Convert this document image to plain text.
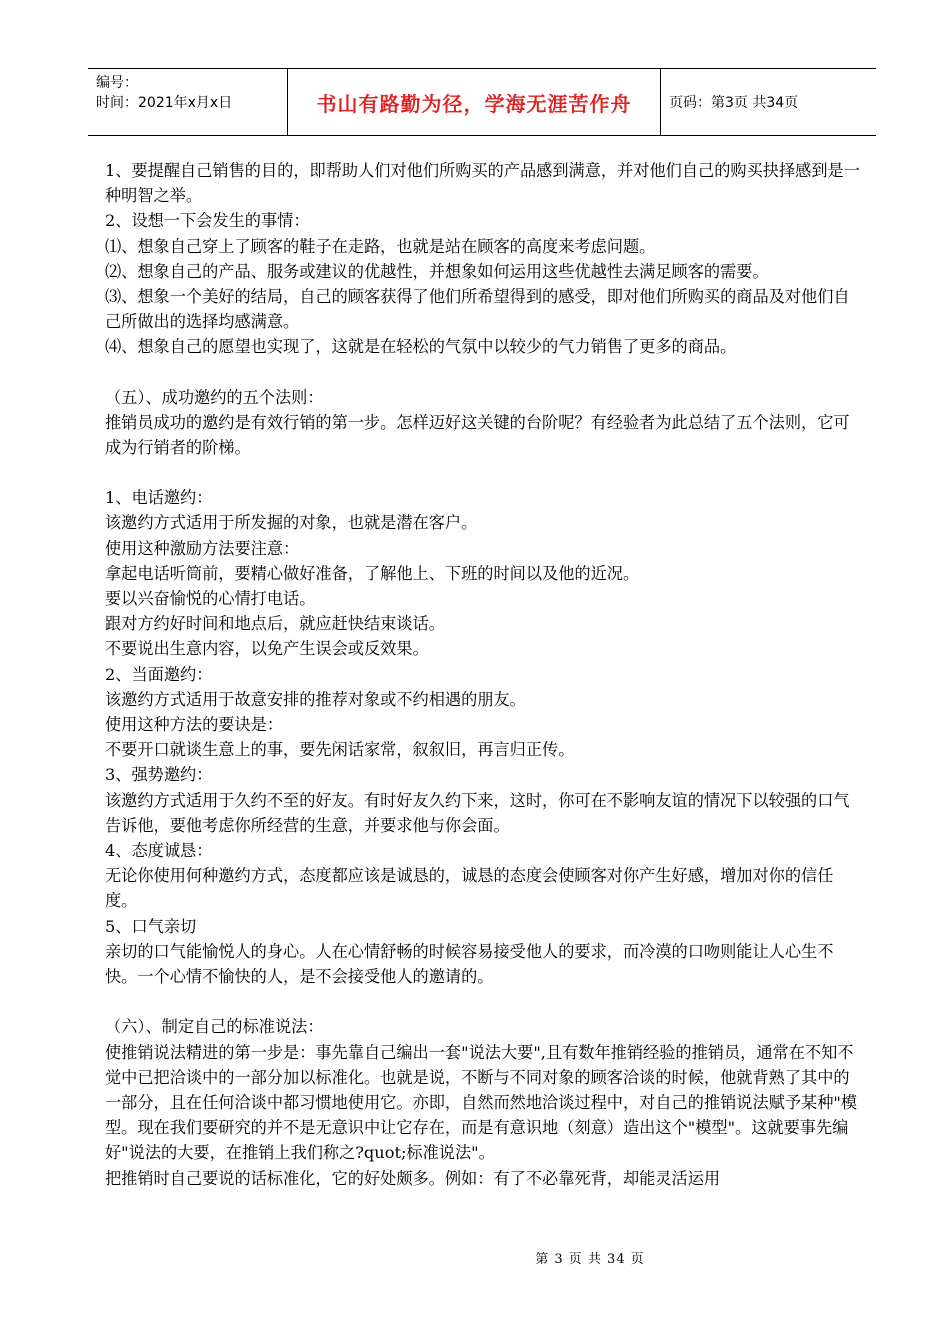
编号：
时间：2021年x月x日	书山有路勤为径，学海无涯苦作舟	页码：第3页 共34页

1、要提醒自己销售的目的，即帮助人们对他们所购买的产品感到满意，并对他们自己的购买抉择感到是一种明智之举。

2、设想一下会发生的事情：

⑴、想象自己穿上了顾客的鞋子在走路，也就是站在顾客的高度来考虑问题。

⑵、想象自己的产品、服务或建议的优越性，并想象如何运用这些优越性去满足顾客的需要。

⑶、想象一个美好的结局，自己的顾客获得了他们所希望得到的感受，即对他们所购买的商品及对他们自己所做出的选择均感满意。

⑷、想象自己的愿望也实现了，这就是在轻松的气氛中以较少的气力销售了更多的商品。

（五）、成功邀约的五个法则：

推销员成功的邀约是有效行销的第一步。怎样迈好这关键的台阶呢？有经验者为此总结了五个法则，它可成为行销者的阶梯。

1、电话邀约：

该邀约方式适用于所发掘的对象，也就是潜在客户。

使用这种激励方法要注意：

拿起电话听筒前，要精心做好准备，了解他上、下班的时间以及他的近况。

要以兴奋愉悦的心情打电话。

跟对方约好时间和地点后，就应赶快结束谈话。

不要说出生意内容，以免产生误会或反效果。

2、当面邀约：

该邀约方式适用于故意安排的推荐对象或不约相遇的朋友。

使用这种方法的要诀是：

不要开口就谈生意上的事，要先闲话家常，叙叙旧，再言归正传。

3、强势邀约：

该邀约方式适用于久约不至的好友。有时好友久约下来，这时，你可在不影响友谊的情况下以较强的口气告诉他，要他考虑你所经营的生意，并要求他与你会面。

4、态度诚恳：

无论你使用何种邀约方式，态度都应该是诚恳的，诚恳的态度会使顾客对你产生好感，增加对你的信任度。

5、口气亲切

亲切的口气能愉悦人的身心。人在心情舒畅的时候容易接受他人的要求，而冷漠的口吻则能让人心生不快。一个心情不愉快的人，是不会接受他人的邀请的。

（六）、制定自己的标准说法：

使推销说法精进的第一步是：事先靠自己编出一套"说法大要",且有数年推销经验的推销员，通常在不知不觉中已把洽谈中的一部分加以标准化。也就是说，不断与不同对象的顾客洽谈的时候，他就背熟了其中的一部分，且在任何洽谈中都习惯地使用它。亦即，自然而然地洽谈过程中，对自己的推销说法赋予某种"模型。现在我们要研究的并不是无意识中让它存在，而是有意识地（刻意）造出这个"模型"。这就要事先编好"说法的大要，在推销上我们称之?quot;标准说法"。

把推销时自己要说的话标准化，它的好处颇多。例如：有了不必靠死背，却能灵活运用

第 3 页 共 34 页
